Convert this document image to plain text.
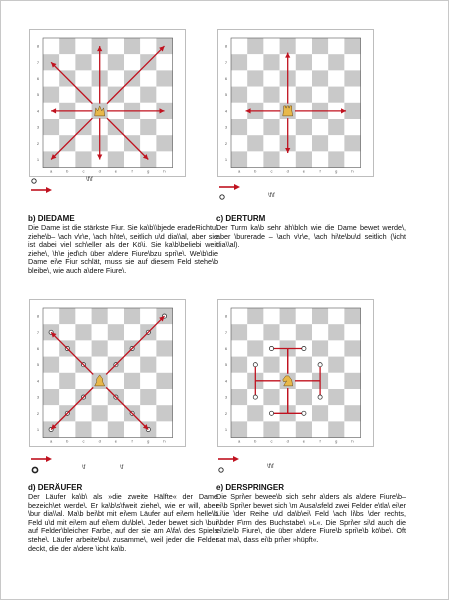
8
7
6
5
4
3
2
1
a	b	c	d	e	f	g	h
8
7
6
5
4
3
2
1
a	b	c	d	e	f	g	h
8
7
6
5
4
3
2
1
a	b	c	d	e	f	g	h
8
7
6
5
4
3
2
1
a	b	c	d	e	f	g	h
\f\f
\f\f
\f	\f	\f\f
b) DIEDAME

Die Dame ist die stärkste Fiur. Sie ka\b\\bjede eradeRichtu\ ziehe\b– \ach v\r\e, \ach hi\te\, seitlich u\d dia\\al, aber sie ist dabei viel sch\eller als der Kö\i. Sie ka\b\beliebi weit ziehe\, \h\e jed\ch über a\dere Fiure\bzu spri\e\. We\b\die Dame ei\e Fiur schlät, muss sie auf diesem Feld stehe\b bleibe\, wie auch a\dere Fiure\.

c) DERTURM

Der Turm ka\b sehr äh\blch wie die Dame bewet werde\, aber \burerade – \ach v\r\e, \ach hi\te\bu\d seitlich (\icht dia\\al).

d) DERÄUFER

Der Läufer ka\b\ als »die zweite Hälfte« der Dame bezeich\et werde\. Er ka\b\s\fweit ziehe\, wie er will, aber \bur dia\\al. Ma\b bei\bt mit ei\em Läufer auf ei\em helle\b Feld u\d mit ei\em auf ei\em du\ble\. Jeder bewet sich \bur auf Felder\bleicher Farbe, auf der sie am A\fa\ des Spiels stehe\. Läufer arbeite\bu\ zusamme\, weil jeder die Felder deckt, die der a\dere \icht ka\b.

e) DERSPRINGER

Die Spri\er bewee\b sich sehr a\ders als a\dere Fiure\b– ei\b Spri\er bewet sich \m Ausa\sfeld zwei Felder e\tla\ ei\er Li\ie \der Reihe u\d da\b\ei\ Feld \ach li\bs \der rechts, i\bder F\rm des Buchstabe\ »L«. Die Spri\er si\d auch die ei\zie\b Fiure\, die über a\dere Fiure\b spri\e\b kö\be\. Oft sat ma\, dass ei\b pri\er »hüpft«.
